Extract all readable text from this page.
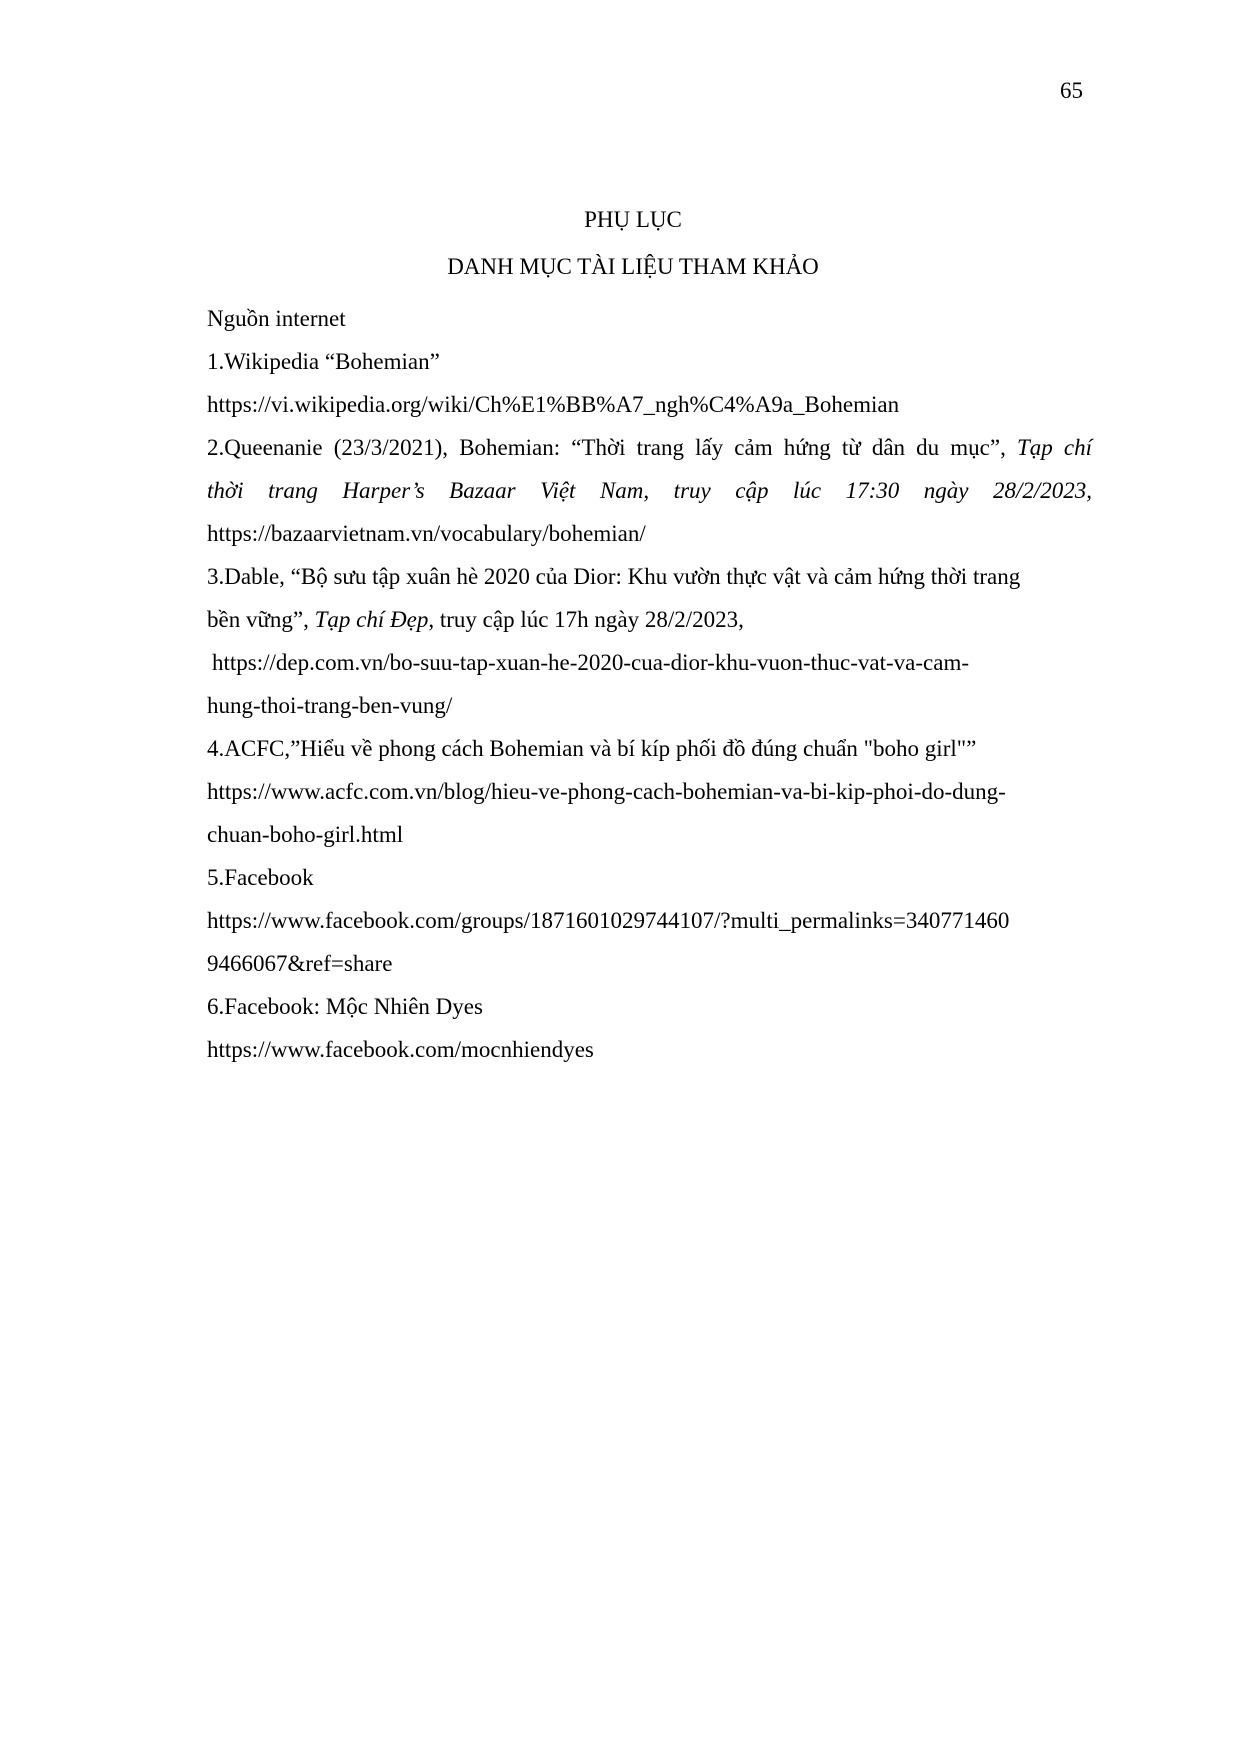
65
PHỤ LỤC
DANH MỤC TÀI LIỆU THAM KHẢO
Nguồn internet
1.Wikipedia “Bohemian”
https://vi.wikipedia.org/wiki/Ch%E1%BB%A7_ngh%C4%A9a_Bohemian
2.Queenanie (23/3/2021), Bohemian: “Thời trang lấy cảm hứng từ dân du mục”, Tạp chí
thời trang Harper’s Bazaar Việt Nam, truy cập lúc 17:30 ngày 28/2/2023,
https://bazaarvietnam.vn/vocabulary/bohemian/
3.Dable, “Bộ sưu tập xuân hè 2020 của Dior: Khu vườn thực vật và cảm hứng thời trang
bền vững”, Tạp chí Đẹp, truy cập lúc 17h ngày 28/2/2023,
https://dep.com.vn/bo-suu-tap-xuan-he-2020-cua-dior-khu-vuon-thuc-vat-va-cam-
hung-thoi-trang-ben-vung/
4.ACFC,”Hiểu về phong cách Bohemian và bí kíp phối đồ đúng chuẩn "boho girl"”
https://www.acfc.com.vn/blog/hieu-ve-phong-cach-bohemian-va-bi-kip-phoi-do-dung-
chuan-boho-girl.html
5.Facebook
https://www.facebook.com/groups/1871601029744107/?multi_permalinks=340771460
9466067&ref=share
6.Facebook: Mộc Nhiên Dyes
https://www.facebook.com/mocnhiendyes
